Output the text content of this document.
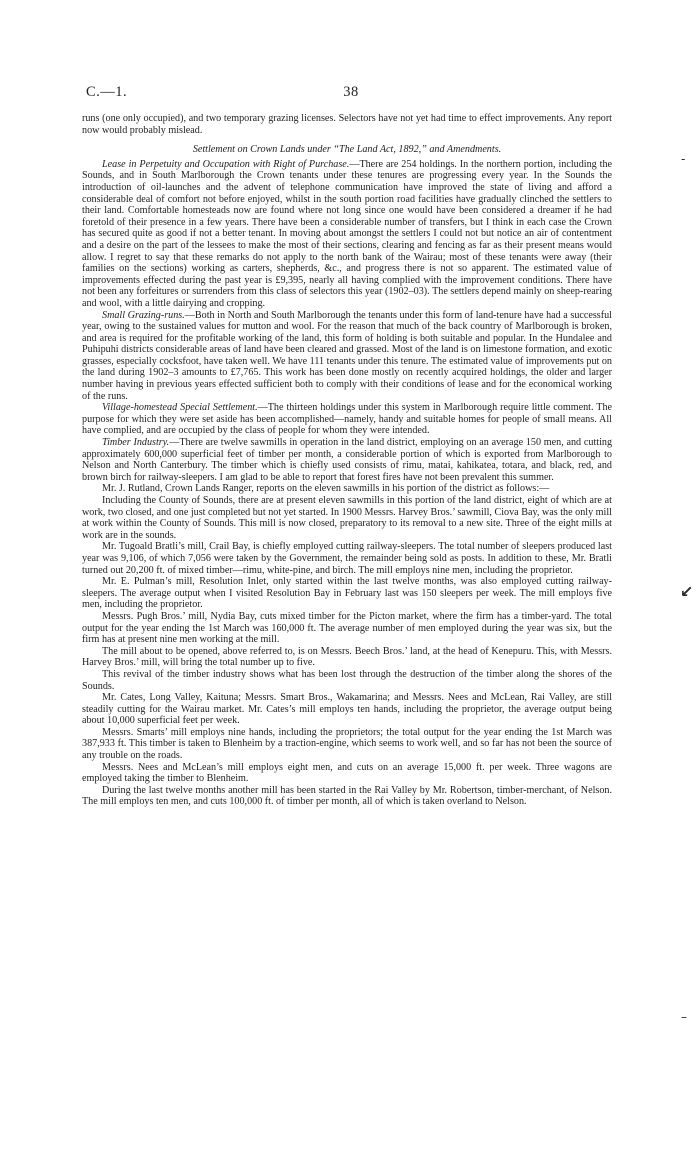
C.—1.	38

runs (one only occupied), and two temporary grazing licenses. Selectors have not yet had time to effect improvements. Any report now would probably mislead.

Settlement on Crown Lands under “The Land Act, 1892,” and Amendments.

Lease in Perpetuity and Occupation with Right of Purchase.—There are 254 holdings. In the northern portion, including the Sounds, and in South Marlborough the Crown tenants under these tenures are progressing every year. In the Sounds the introduction of oil-launches and the advent of telephone communication have improved the state of living and afford a considerable deal of comfort not before enjoyed, whilst in the south portion road facilities have gradually clinched the settlers to their land. Comfortable homesteads now are found where not long since one would have been considered a dreamer if he had foretold of their presence in a few years. There have been a considerable number of transfers, but I think in each case the Crown has secured quite as good if not a better tenant. In moving about amongst the settlers I could not but notice an air of contentment and a desire on the part of the lessees to make the most of their sections, clearing and fencing as far as their present means would allow. I regret to say that these remarks do not apply to the north bank of the Wairau; most of these tenants were away (their families on the sections) working as carters, shepherds, &c., and progress there is not so apparent. The estimated value of improvements effected during the past year is £9,395, nearly all having complied with the improvement conditions. There have not been any forfeitures or surrenders from this class of selectors this year (1902–03). The settlers depend mainly on sheep-rearing and wool, with a little dairying and cropping.

Small Grazing-runs.—Both in North and South Marlborough the tenants under this form of land-tenure have had a successful year, owing to the sustained values for mutton and wool. For the reason that much of the back country of Marlborough is broken, and area is required for the profitable working of the land, this form of holding is both suitable and popular. In the Hundalee and Puhipuhi districts considerable areas of land have been cleared and grassed. Most of the land is on limestone formation, and exotic grasses, especially cocksfoot, have taken well. We have 111 tenants under this tenure. The estimated value of improvements put on the land during 1902–3 amounts to £7,765. This work has been done mostly on recently acquired holdings, the older and larger number having in previous years effected sufficient both to comply with their conditions of lease and for the economical working of the runs.

Village-homestead Special Settlement.—The thirteen holdings under this system in Marlborough require little comment. The purpose for which they were set aside has been accomplished—namely, handy and suitable homes for people of small means. All have complied, and are occupied by the class of people for whom they were intended.

Timber Industry.—There are twelve sawmills in operation in the land district, employing on an average 150 men, and cutting approximately 600,000 superficial feet of timber per month, a considerable portion of which is exported from Marlborough to Nelson and North Canterbury. The timber which is chiefly used consists of rimu, matai, kahikatea, totara, and black, red, and brown birch for railway-sleepers. I am glad to be able to report that forest fires have not been prevalent this summer.

Mr. J. Rutland, Crown Lands Ranger, reports on the eleven sawmills in his portion of the district as follows:—

Including the County of Sounds, there are at present eleven sawmills in this portion of the land district, eight of which are at work, two closed, and one just completed but not yet started. In 1900 Messrs. Harvey Bros.’ sawmill, Ciova Bay, was the only mill at work within the County of Sounds. This mill is now closed, preparatory to its removal to a new site. Three of the eight mills at work are in the sounds.

Mr. Tugoald Bratli’s mill, Crail Bay, is chiefly employed cutting railway-sleepers. The total number of sleepers produced last year was 9,106, of which 7,056 were taken by the Government, the remainder being sold as posts. In addition to these, Mr. Bratli turned out 20,200 ft. of mixed timber—rimu, white-pine, and birch. The mill employs nine men, including the proprietor.

Mr. E. Pulman’s mill, Resolution Inlet, only started within the last twelve months, was also employed cutting railway-sleepers. The average output when I visited Resolution Bay in February last was 150 sleepers per week. The mill employs five men, including the proprietor.

Messrs. Pugh Bros.’ mill, Nydia Bay, cuts mixed timber for the Picton market, where the firm has a timber-yard. The total output for the year ending the 1st March was 160,000 ft. The average number of men employed during the year was six, but the firm has at present nine men working at the mill.

The mill about to be opened, above referred to, is on Messrs. Beech Bros.’ land, at the head of Kenepuru. This, with Messrs. Harvey Bros.’ mill, will bring the total number up to five.

This revival of the timber industry shows what has been lost through the destruction of the timber along the shores of the Sounds.

Mr. Cates, Long Valley, Kaituna; Messrs. Smart Bros., Wakamarina; and Messrs. Nees and McLean, Rai Valley, are still steadily cutting for the Wairau market. Mr. Cates’s mill employs ten hands, including the proprietor, the average output being about 10,000 superficial feet per week.

Messrs. Smarts’ mill employs nine hands, including the proprietors; the total output for the year ending the 1st March was 387,933 ft. This timber is taken to Blenheim by a traction-engine, which seems to work well, and so far has not been the source of any trouble on the roads.

Messrs. Nees and McLean’s mill employs eight men, and cuts on an average 15,000 ft. per week. Three wagons are employed taking the timber to Blenheim.

During the last twelve months another mill has been started in the Rai Valley by Mr. Robertson, timber-merchant, of Nelson. The mill employs ten men, and cuts 100,000 ft. of timber per month, all of which is taken overland to Nelson.

‑
↙
–
